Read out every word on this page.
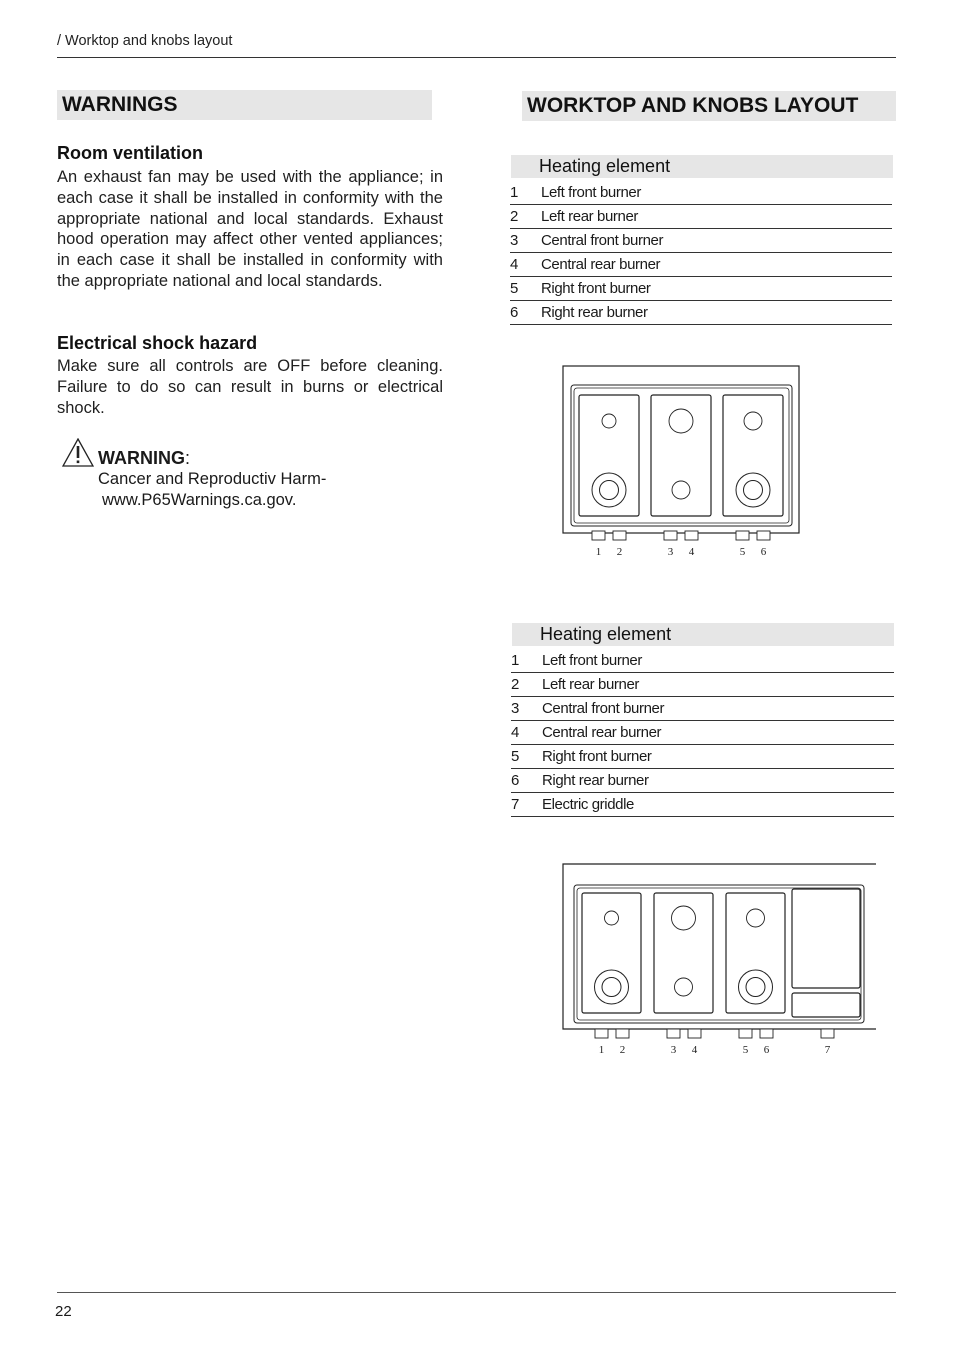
/ Worktop and knobs layout
WARNINGS
Room ventilation
An exhaust fan may be used with the appliance; in each case it shall be installed in conformity with the appropriate national and local standards. Exhaust hood operation may affect other vented appliances; in each case it shall be installed in conformity with the appropriate national and local standards.
Electrical shock hazard
Make sure all controls are OFF before cleaning. Failure to do so can result in burns or electrical shock.
WARNING:
Cancer and Reproductiv Harm-
www.P65Warnings.ca.gov.
WORKTOP AND KNOBS LAYOUT
Heating element
1	Left front burner
2	Left rear burner
3	Central front burner
4	Central rear burner
5	Right front burner
6	Right rear burner
1 2	3 4	5 6
Heating element
1	Left front burner
2	Left rear burner
3	Central front burner
4	Central rear burner
5	Right front burner
6	Right rear burner
7	Electric griddle
1 2	3 4	5 6	7
22
